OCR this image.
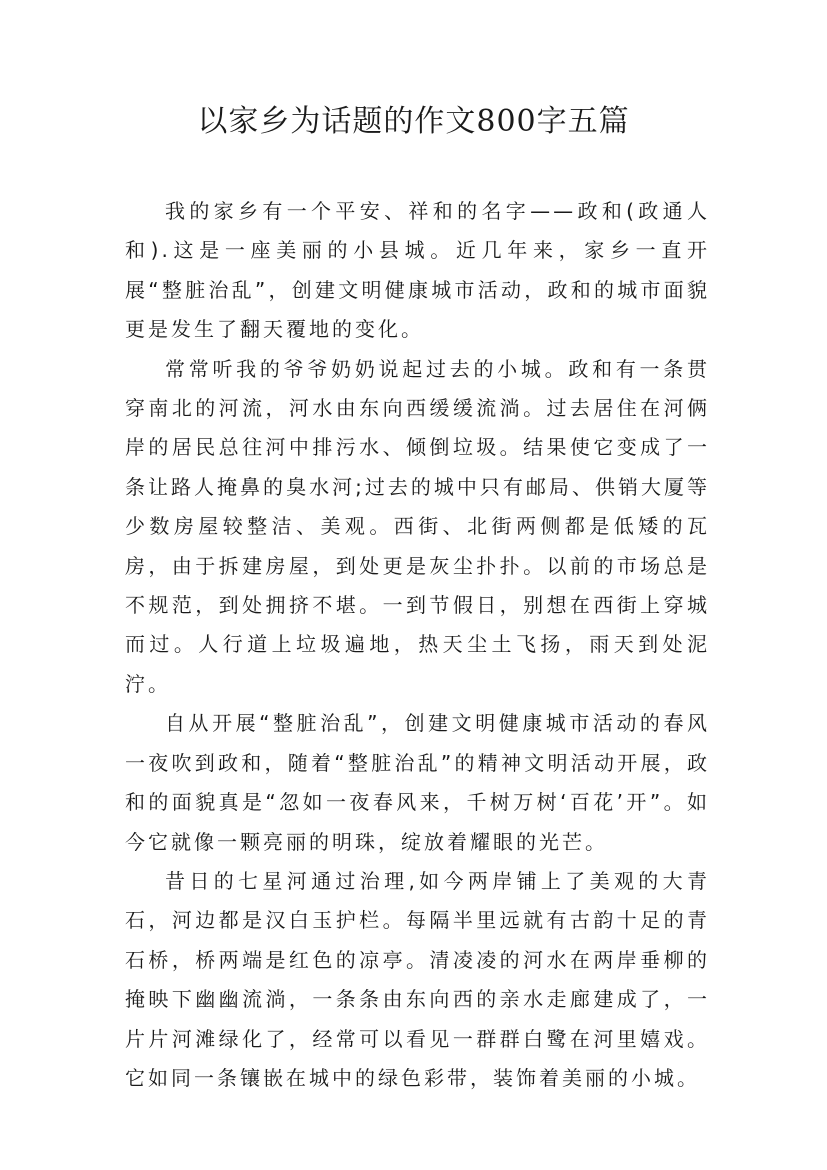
以家乡为话题的作文800字五篇

我的家乡有一个平安、祥和的名字——政和(政通人和).这是一座美丽的小县城。近几年来，家乡一直开展“整脏治乱”，创建文明健康城市活动，政和的城市面貌更是发生了翻天覆地的变化。

常常听我的爷爷奶奶说起过去的小城。政和有一条贯穿南北的河流，河水由东向西缓缓流淌。过去居住在河俩岸的居民总往河中排污水、倾倒垃圾。结果使它变成了一条让路人掩鼻的臭水河;过去的城中只有邮局、供销大厦等少数房屋较整洁、美观。西街、北街两侧都是低矮的瓦房，由于拆建房屋，到处更是灰尘扑扑。以前的市场总是不规范，到处拥挤不堪。一到节假日，别想在西街上穿城而过。人行道上垃圾遍地，热天尘土飞扬，雨天到处泥泞。

自从开展“整脏治乱”，创建文明健康城市活动的春风一夜吹到政和，随着“整脏治乱”的精神文明活动开展，政和的面貌真是“忽如一夜春风来，千树万树‘百花’开”。如今它就像一颗亮丽的明珠，绽放着耀眼的光芒。

昔日的七星河通过治理,如今两岸铺上了美观的大青石，河边都是汉白玉护栏。每隔半里远就有古韵十足的青石桥，桥两端是红色的凉亭。清凌凌的河水在两岸垂柳的掩映下幽幽流淌，一条条由东向西的亲水走廊建成了，一片片河滩绿化了，经常可以看见一群群白鹭在河里嬉戏。它如同一条镶嵌在城中的绿色彩带，装饰着美丽的小城。
